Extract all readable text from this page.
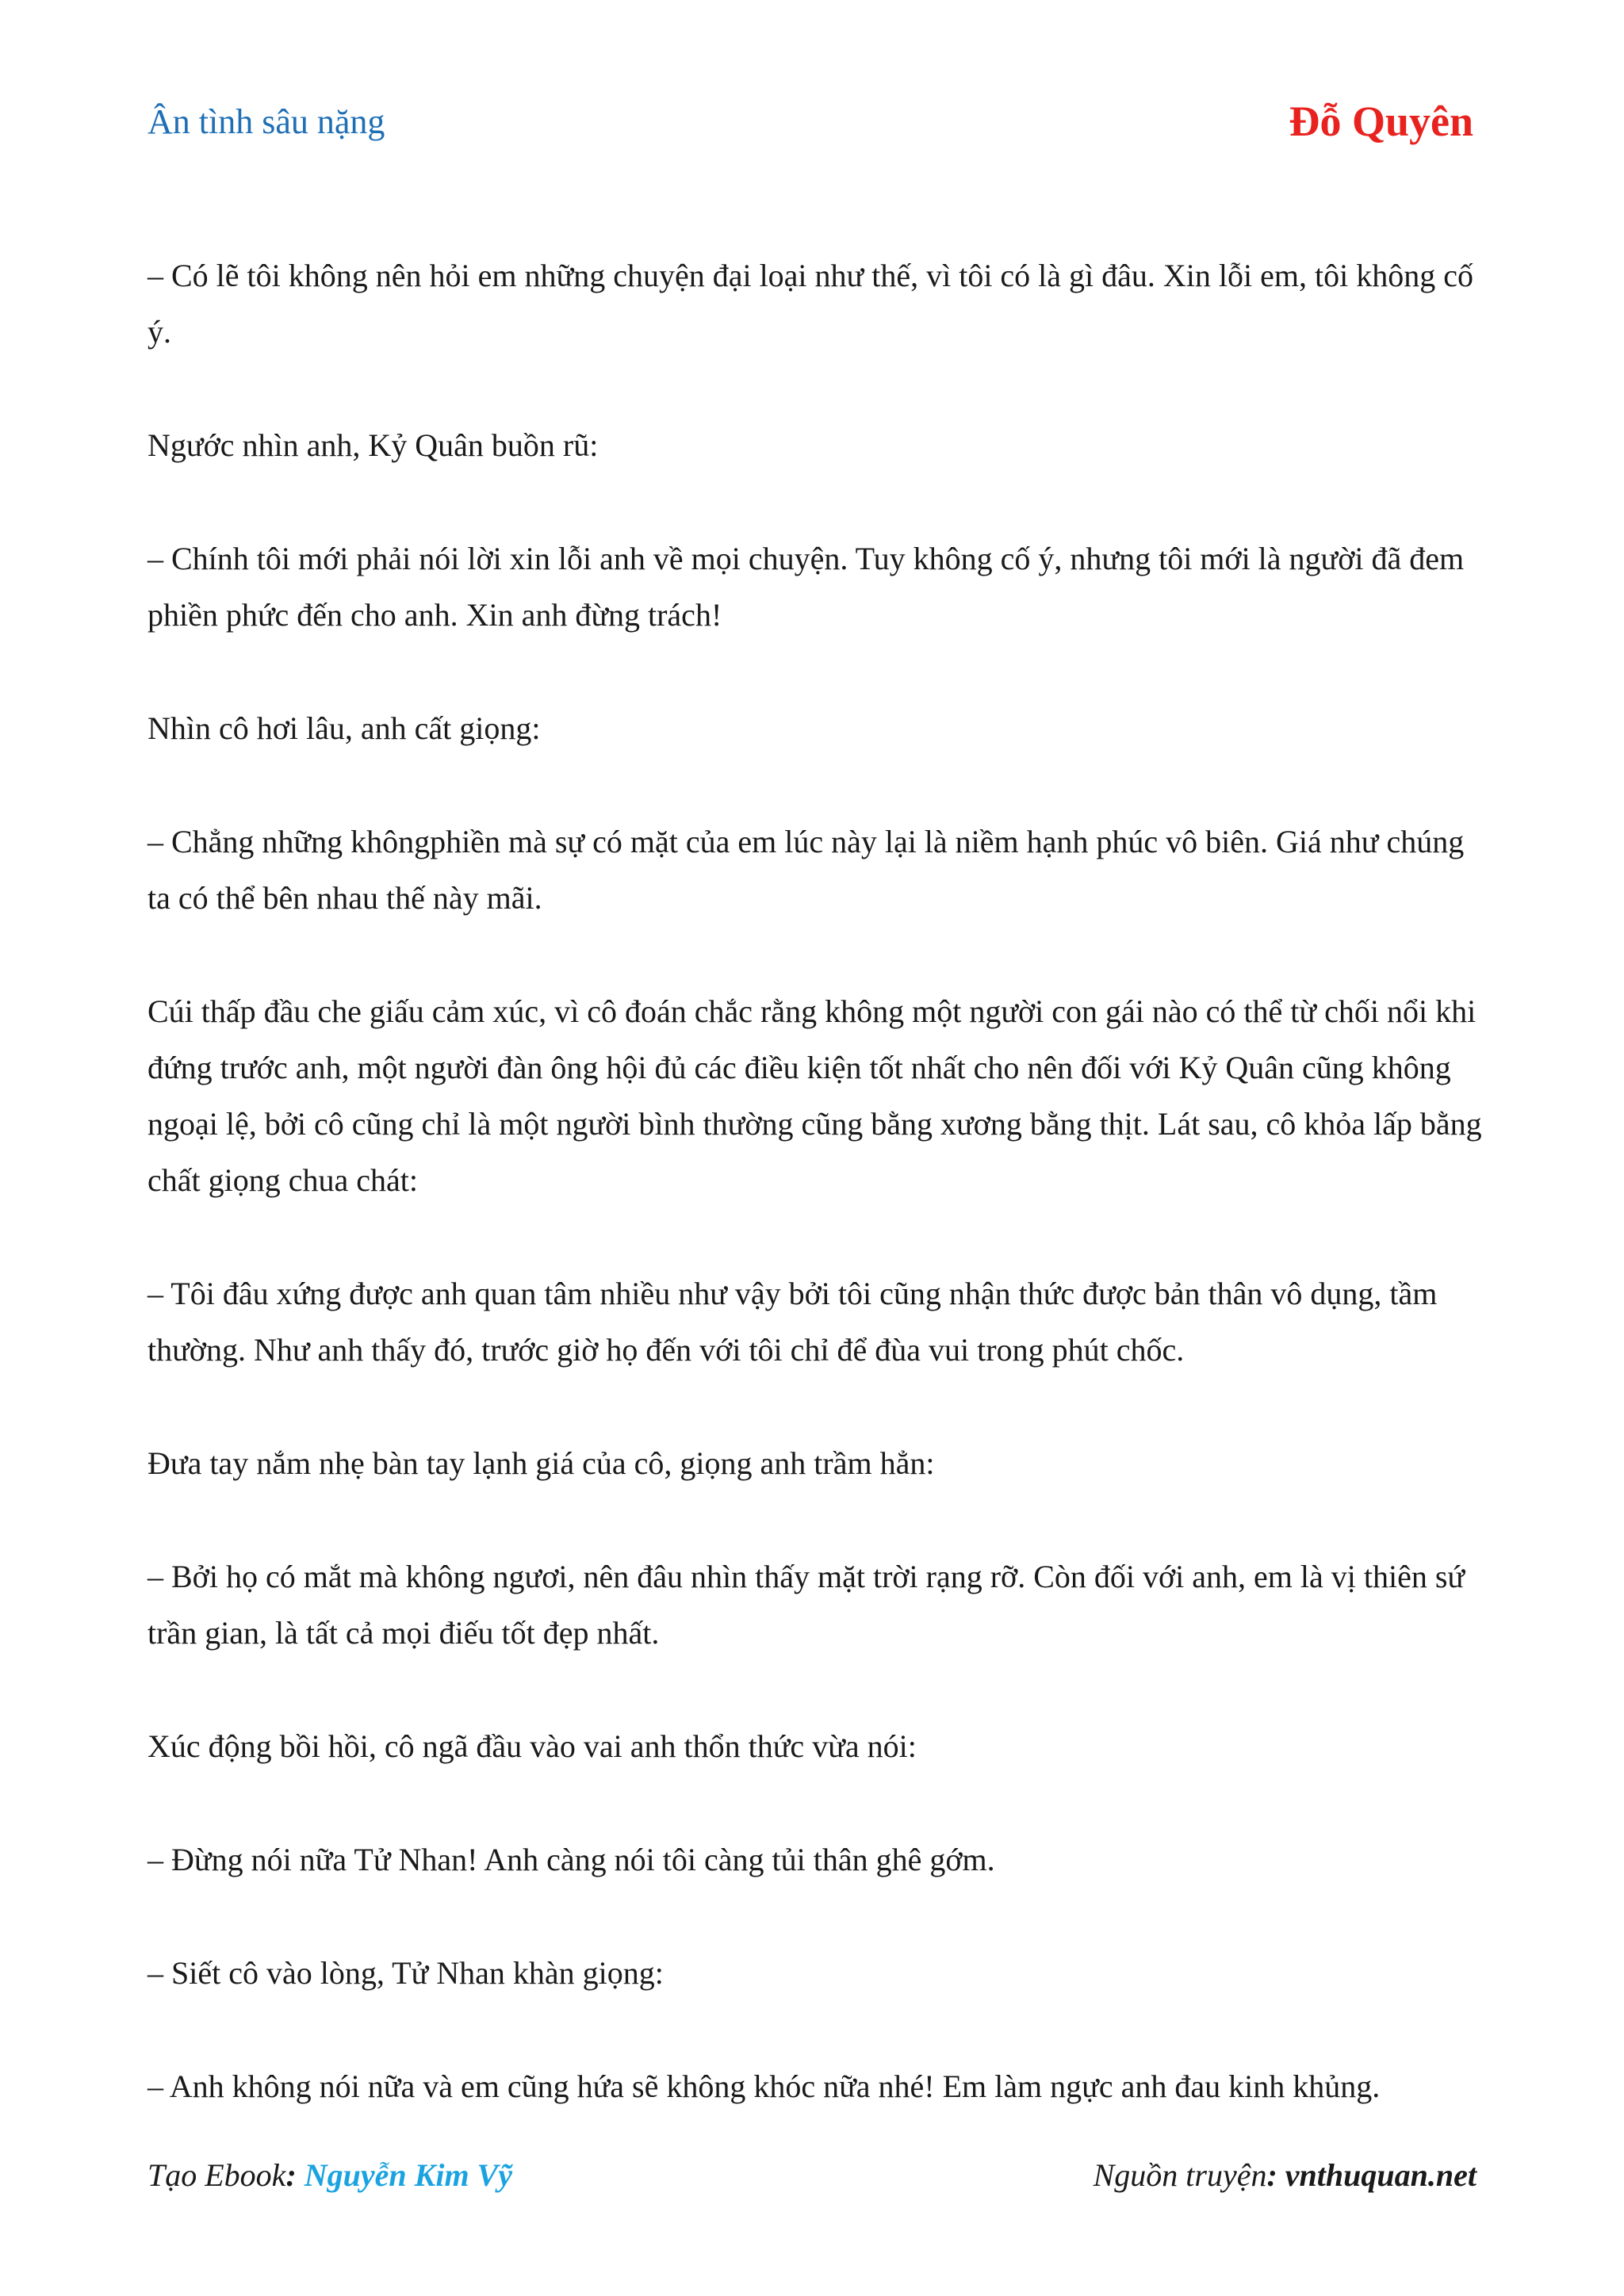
Ân tình sâu nặng	Đỗ Quyên

– Có lẽ tôi không nên hỏi em những chuyện đại loại như thế, vì tôi có là gì đâu. Xin lỗi em, tôi không cố ý.

Ngước nhìn anh, Kỷ Quân buồn rũ:

– Chính tôi mới phải nói lời xin lỗi anh về mọi chuyện. Tuy không cố ý, nhưng tôi mới là người đã đem phiền phức đến cho anh. Xin anh đừng trách!

Nhìn cô hơi lâu, anh cất giọng:

– Chẳng những khôngphiền mà sự có mặt của em lúc này lại là niềm hạnh phúc vô biên. Giá như chúng ta có thể bên nhau thế này mãi.

Cúi thấp đầu che giấu cảm xúc, vì cô đoán chắc rằng không một người con gái nào có thể từ chối nổi khi đứng trước anh, một người đàn ông hội đủ các điều kiện tốt nhất cho nên đối với Kỷ Quân cũng không ngoại lệ, bởi cô cũng chỉ là một người bình thường cũng bằng xương bằng thịt. Lát sau, cô khỏa lấp bằng chất giọng chua chát:

– Tôi đâu xứng được anh quan tâm nhiều như vậy bởi tôi cũng nhận thức được bản thân vô dụng, tầm thường. Như anh thấy đó, trước giờ họ đến với tôi chỉ để đùa vui trong phút chốc.

Đưa tay nắm nhẹ bàn tay lạnh giá của cô, giọng anh trầm hẳn:

– Bởi họ có mắt mà không ngươi, nên đâu nhìn thấy mặt trời rạng rỡ. Còn đối với anh, em là vị thiên sứ trần gian, là tất cả mọi điếu tốt đẹp nhất.

Xúc động bồi hồi, cô ngã đầu vào vai anh thổn thức vừa nói:

– Đừng nói nữa Tử Nhan! Anh càng nói tôi càng tủi thân ghê gớm.

– Siết cô vào lòng, Tử Nhan khàn giọng:

– Anh không nói nữa và em cũng hứa sẽ không khóc nữa nhé! Em làm ngực anh đau kinh khủng.

Tạo Ebook: Nguyễn Kim Vỹ	Nguồn truyện: vnthuquan.net
